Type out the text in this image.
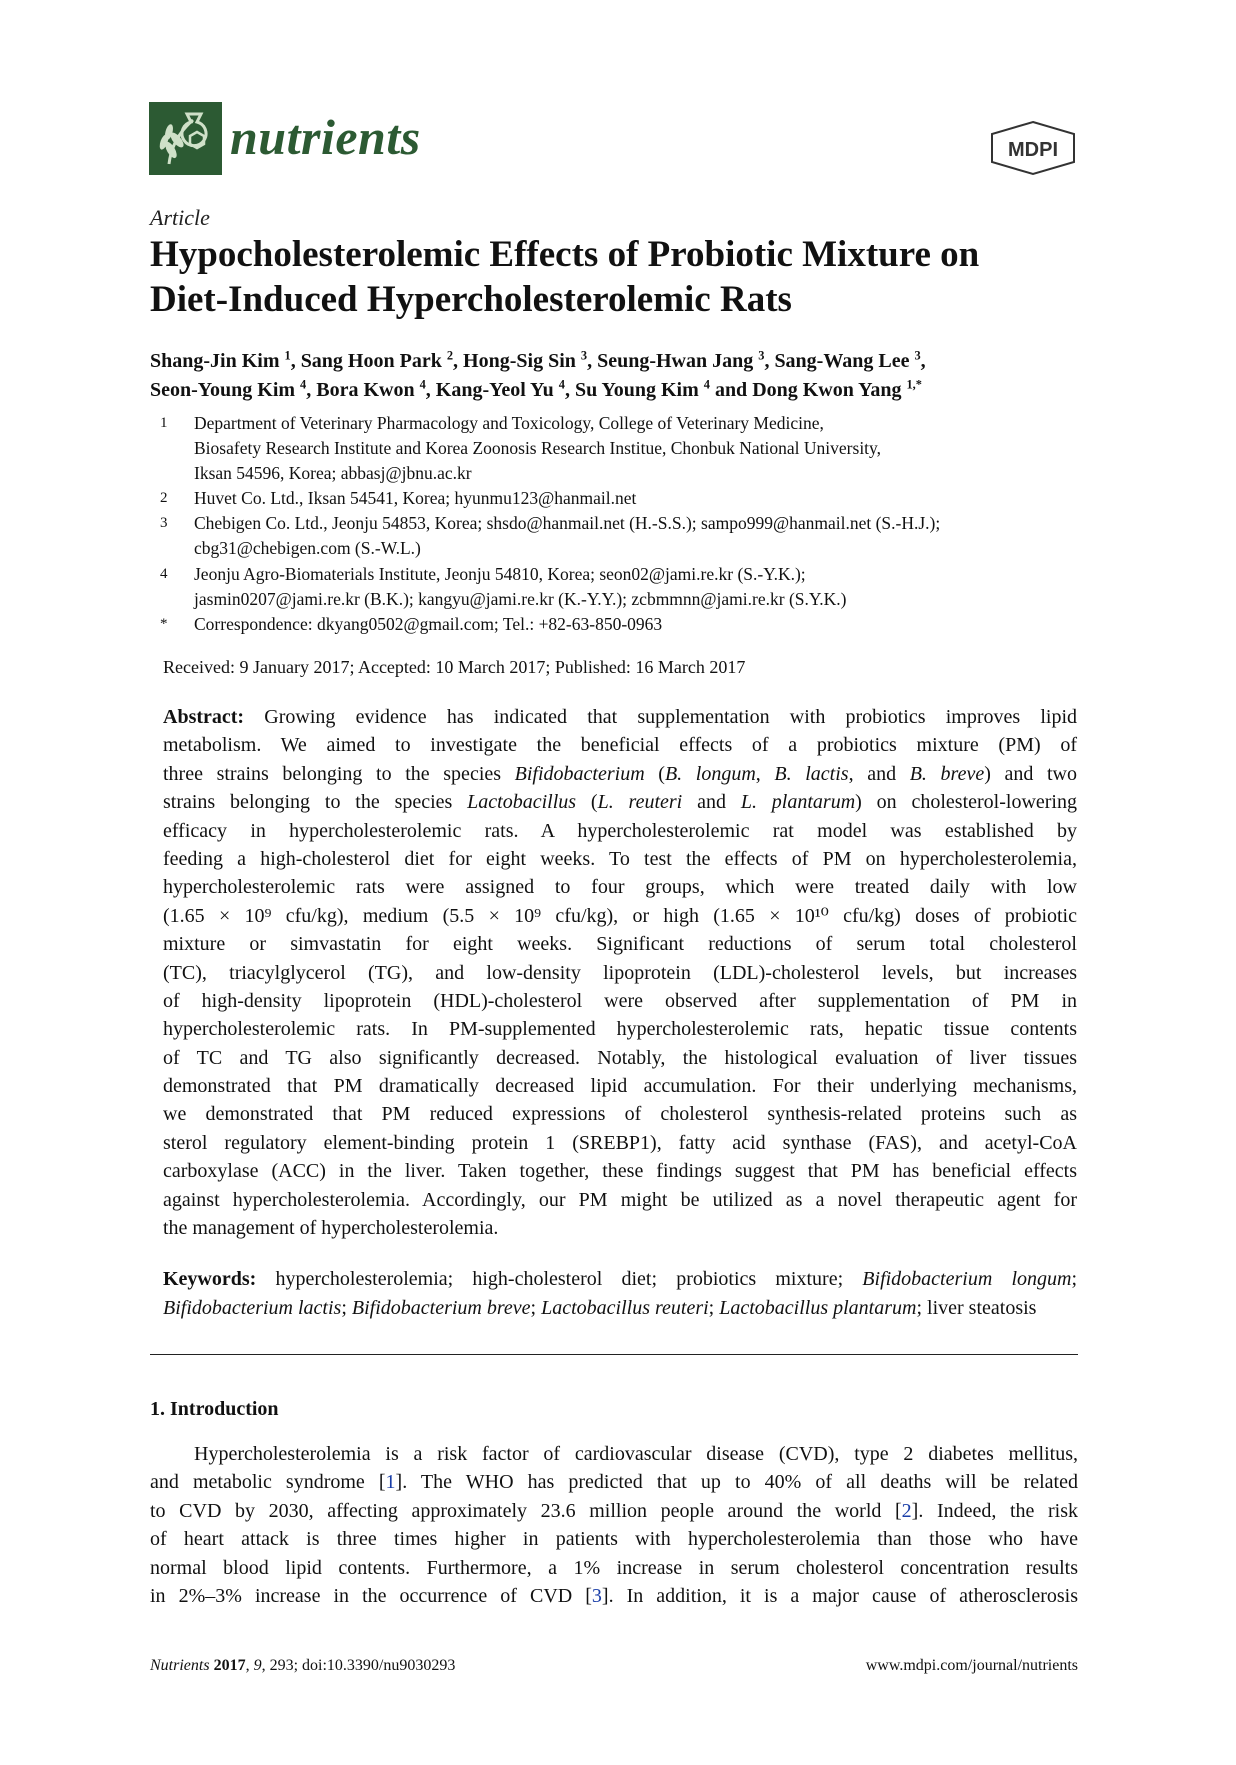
nutrients	MDPI
Article
Hypocholesterolemic Effects of Probiotic Mixture on
Diet-Induced Hypercholesterolemic Rats
Shang-Jin Kim $^1$, Sang Hoon Park $^2$, Hong-Sig Sin $^3$, Seung-Hwan Jang $^3$, Sang-Wang Lee $^3$,
Seon-Young Kim $^4$, Bora Kwon $^4$, Kang-Yeol Yu $^4$, Su Young Kim $^4$ and Dong Kwon Yang $^{1,*}$
1 Department of Veterinary Pharmacology and Toxicology, College of Veterinary Medicine,
Biosafety Research Institute and Korea Zoonosis Research Institue, Chonbuk National University,
Iksan 54596, Korea; abbasj@jbnu.ac.kr
2 Huvet Co. Ltd., Iksan 54541, Korea; hyunmu123@hanmail.net
3 Chebigen Co. Ltd., Jeonju 54853, Korea; shsdo@hanmail.net (H.-S.S.); sampo999@hanmail.net (S.-H.J.);
cbg31@chebigen.com (S.-W.L.)
4 Jeonju Agro-Biomaterials Institute, Jeonju 54810, Korea; seon02@jami.re.kr (S.-Y.K.);
jasmin0207@jami.re.kr (B.K.); kangyu@jami.re.kr (K.-Y.Y.); zcbmmnn@jami.re.kr (S.Y.K.)
* Correspondence: dkyang0502@gmail.com; Tel.: +82-63-850-0963
Received: 9 January 2017; Accepted: 10 March 2017; Published: 16 March 2017
Abstract: Growing evidence has indicated that supplementation with probiotics improves lipid
metabolism. We aimed to investigate the beneficial effects of a probiotics mixture (PM) of
three strains belonging to the species Bifidobacterium (B. longum, B. lactis, and B. breve) and two
strains belonging to the species Lactobacillus (L. reuteri and L. plantarum) on cholesterol-lowering
efficacy in hypercholesterolemic rats. A hypercholesterolemic rat model was established by
feeding a high-cholesterol diet for eight weeks. To test the effects of PM on hypercholesterolemia,
hypercholesterolemic rats were assigned to four groups, which were treated daily with low
(1.65 × 10⁹ cfu/kg), medium (5.5 × 10⁹ cfu/kg), or high (1.65 × 10¹⁰ cfu/kg) doses of probiotic
mixture or simvastatin for eight weeks. Significant reductions of serum total cholesterol
(TC), triacylglycerol (TG), and low-density lipoprotein (LDL)-cholesterol levels, but increases
of high-density lipoprotein (HDL)-cholesterol were observed after supplementation of PM in
hypercholesterolemic rats. In PM-supplemented hypercholesterolemic rats, hepatic tissue contents
of TC and TG also significantly decreased. Notably, the histological evaluation of liver tissues
demonstrated that PM dramatically decreased lipid accumulation. For their underlying mechanisms,
we demonstrated that PM reduced expressions of cholesterol synthesis-related proteins such as
sterol regulatory element-binding protein 1 (SREBP1), fatty acid synthase (FAS), and acetyl-CoA
carboxylase (ACC) in the liver. Taken together, these findings suggest that PM has beneficial effects
against hypercholesterolemia. Accordingly, our PM might be utilized as a novel therapeutic agent for
the management of hypercholesterolemia.
Keywords: hypercholesterolemia; high-cholesterol diet; probiotics mixture; Bifidobacterium longum;
Bifidobacterium lactis; Bifidobacterium breve; Lactobacillus reuteri; Lactobacillus plantarum; liver steatosis
1. Introduction
Hypercholesterolemia is a risk factor of cardiovascular disease (CVD), type 2 diabetes mellitus,
and metabolic syndrome [1]. The WHO has predicted that up to 40% of all deaths will be related
to CVD by 2030, affecting approximately 23.6 million people around the world [2]. Indeed, the risk
of heart attack is three times higher in patients with hypercholesterolemia than those who have
normal blood lipid contents. Furthermore, a 1% increase in serum cholesterol concentration results
in 2%–3% increase in the occurrence of CVD [3]. In addition, it is a major cause of atherosclerosis
Nutrients 2017, 9, 293; doi:10.3390/nu9030293	www.mdpi.com/journal/nutrients
